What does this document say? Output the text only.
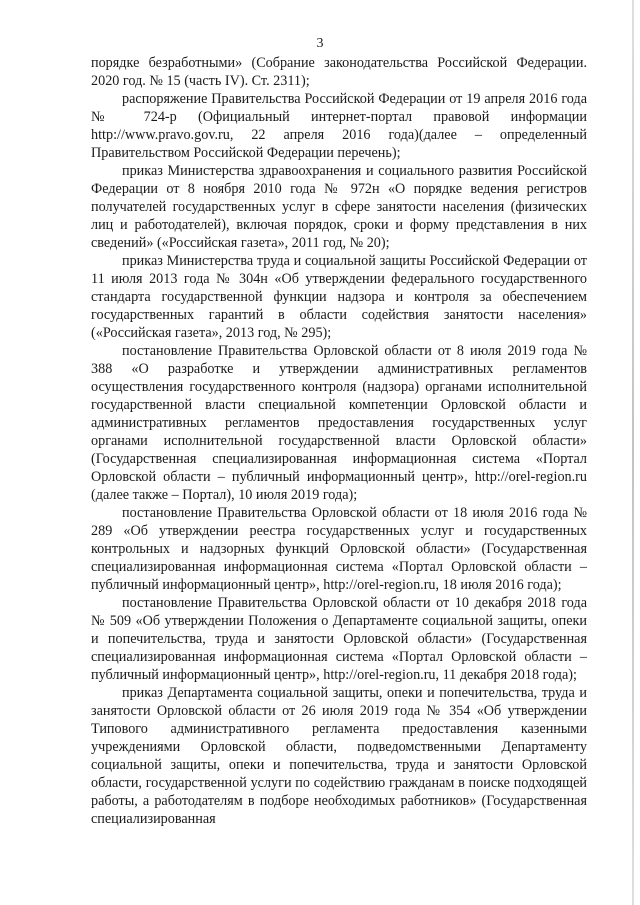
3

порядке безработными» (Собрание законодательства Российской Федерации. 2020 год. № 15 (часть IV). Ст. 2311);

распоряжение Правительства Российской Федерации от 19 апреля 2016 года № 724-р (Официальный интернет-портал правовой информации http://www.pravo.gov.ru, 22 апреля 2016 года)(далее – определенный Правительством Российской Федерации перечень);

приказ Министерства здравоохранения и социального развития Российской Федерации от 8 ноября 2010 года № 972н «О порядке ведения регистров получателей государственных услуг в сфере занятости населения (физических лиц и работодателей), включая порядок, сроки и форму представления в них сведений» («Российская газета», 2011 год, № 20);

приказ Министерства труда и социальной защиты Российской Федерации от 11 июля 2013 года № 304н «Об утверждении федерального государственного стандарта государственной функции надзора и контроля за обеспечением государственных гарантий в области содействия занятости населения» («Российская газета», 2013 год, № 295);

постановление Правительства Орловской области от 8 июля 2019 года № 388 «О разработке и утверждении административных регламентов осуществления государственного контроля (надзора) органами исполнительной государственной власти специальной компетенции Орловской области и административных регламентов предоставления государственных услуг органами исполнительной государственной власти Орловской области» (Государственная специализированная информационная система «Портал Орловской области – публичный информационный центр», http://orel-region.ru (далее также – Портал), 10 июля 2019 года);

постановление Правительства Орловской области от 18 июля 2016 года № 289 «Об утверждении реестра государственных услуг и государственных контрольных и надзорных функций Орловской области» (Государственная специализированная информационная система «Портал Орловской области – публичный информационный центр», http://orel-region.ru, 18 июля 2016 года);

постановление Правительства Орловской области от 10 декабря 2018 года № 509 «Об утверждении Положения о Департаменте социальной защиты, опеки и попечительства, труда и занятости Орловской области» (Государственная специализированная информационная система «Портал Орловской области – публичный информационный центр», http://orel-region.ru, 11 декабря 2018 года);

приказ Департамента социальной защиты, опеки и попечительства, труда и занятости Орловской области от 26 июля 2019 года № 354 «Об утверждении Типового административного регламента предоставления казенными учреждениями Орловской области, подведомственными Департаменту социальной защиты, опеки и попечительства, труда и занятости Орловской области, государственной услуги по содействию гражданам в поиске подходящей работы, а работодателям в подборе необходимых работников» (Государственная специализированная
